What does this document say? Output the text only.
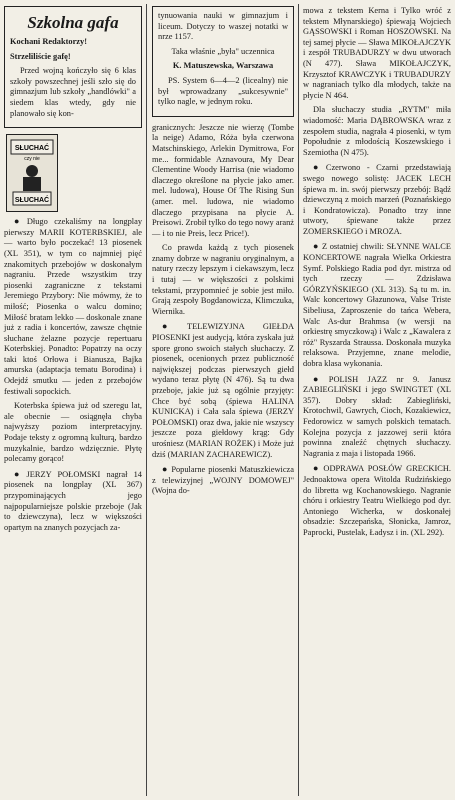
Szkolna gafa

Kochani Redaktorzy!

Strzeliliście gafę!

Przed wojną kończyło się 6 klas szkoły powszechnej jeśli szło się do gimnazjum lub szkoły „handlówki" a siedem klas wtedy, gdy nie planowało się kon-

SŁUCHAĆ
czy nie
SŁUCHAĆ

● Długo czekaliśmy na longplay pierwszy MARII KOTERBSKIEJ, ale — warto było poczekać! 13 piosenek (XL 351), w tym co najmniej pięć znakomitych przebojów w doskonałym nagraniu. Przede wszystkim trzy piosenki zagraniczne z tekstami Jeremiego Przybory: Nie mówmy, że to miłość; Piosenka o walcu domino; Miłość bratam lekko — doskonale znane już z radia i koncertów, zawsze chętnie słuchane żelazne pozycje repertuaru Koterbskiej. Ponadto: Popatrzy na oczy taki ktoś Orłowa i Bianusza, Bajka amurska (adaptacja tematu Borodina) i Odejdź smutku — jeden z przebojów festiwali sopockich.

Koterbska śpiewa już od szeregu lat, ale obecnie — osiągnęła chyba najwyższy poziom interpretacyjny. Podaje teksty z ogromną kulturą, bardzo muzykalnie, bardzo wdzięcznie. Płytę polecamy gorąco!

● JERZY POŁOMSKI nagrał 14 piosenek na longplay (XL 367) przypominających jego najpopularniejsze polskie przeboje (Jak to dziewczyna), lecz w większości opartym na znanych pozycjach za-

tynuowania nauki w gimnazjum i liceum. Dotyczy to waszej notatki w nrze 1157.

Taka właśnie „była" uczennica

K. Matuszewska, Warszawa

PS. System 6—4—2 (licealny) nie był wprowadzany „sukcesywnie" tylko nagle, w jednym roku.

granicznych: Jeszcze nie wierzę (Tombe la neige) Adamo, Róża była czerwona Matschinskiego, Arlekin Dymitrowa, For me... formidable Aznavoura, My Dear Clementine Woody Harrisa (nie wiadomo dlaczego określone na płycie jako amer. mel. ludowa), House Of The Rising Sun (amer. mel. ludowa, nie wiadomo dlaczego przypisana na płycie A. Preisowi. Zrobił tylko do tego nowy aranż — i to nie Preis, lecz Price!).

Co prawda każdą z tych piosenek znamy dobrze w nagraniu oryginalnym, a natury rzeczy lepszym i ciekawszym, lecz i tutaj — w większości z polskimi tekstami, przypomnieć je sobie jest miło. Grają zespoły Bogdanowicza, Klimczuka, Wiernika.

● TELEWIZYJNA GIEŁDA PIOSENKI jest audycją, która zyskała już spore grono swoich stałych słuchaczy. Z piosenek, ocenionych przez publiczność największej podczas pierwszych giełd wydano teraz płytę (N 476). Są tu dwa przeboje, jakie już są ogólnie przyjęty: Chce być sobą (śpiewa HALINA KUNICKA) i Cała sala śpiewa (JERZY POŁOMSKI) oraz dwa, jakie nie wszyscy jeszcze poza giełdowy krąg: Gdy urośniesz (MARIAN ROŻEK) i Może już dziś (MARIAN ZACHAREWICZ).

● Popularne piosenki Matuszkiewicza z telewizyjnej „WOJNY DOMOWEJ" (Wojna do-

mowa z tekstem Kerna i Tylko wróć z tekstem Młynarskiego) śpiewają Wojciech GĄSSOWSKI i Roman HOSZOWSKI. Na tej samej płycie — Sława MIKOŁAJCZYK i zespół TRUBADURZY w dwu utworach (N 477). Sława MIKOŁAJCZYK, Krzysztof KRAWCZYK i TRUBADURZY w nagraniach tylko dla młodych, także na płycie N 464.

Dla słuchaczy studia „RYTM" miła wiadomość: Maria DĄBROWSKA wraz z zespołem studia, nagrała 4 piosenki, w tym Popołudnie z młodością Koszewskiego i Szemiotha (N 475).

● Czerwono - Czarni przedstawiają swego nowego solistę: JACEK LECH śpiewa m. in. swój pierwszy przebój: Bądź dziewczyną z moich marzeń (Poznańskiego i Kondratowicza). Ponadto trzy inne utwory, śpiewane także przez ZOMERSKIEGO i MROZA.

● Z ostatniej chwili: SŁYNNE WALCE KONCERTOWE nagrała Wielka Orkiestra Symf. Polskiego Radia pod dyr. mistrza od tych rzeczy — Zdzisława GÓRZYŃSKIEGO (XL 313). Są tu m. in. Walc koncertowy Głazunowa, Valse Triste Sibeliusa, Zaproszenie do tańca Webera, Walc As-dur Brahmsa (w wersji na orkiestrę smyczkową) i Walc z „Kawalera z róż" Ryszarda Straussa. Doskonała muzyka relaksowa. Przyjemne, znane melodie, dobra klasa wykonania.

● POLISH JAZZ nr 9. Janusz ZABIEGLIŃSKI i jego SWINGTET (XL 357). Dobry skład: Zabiegliński, Krotochwil, Gawrych, Cioch, Kozakiewicz, Fedorowicz w samych polskich tematach. Kolejna pozycja z jazzowej serii która powinna znaleźć chętnych słuchaczy. Nagrania z maja i listopada 1966.

● ODPRAWA POSŁÓW GRECKICH. Jednoaktowa opera Witolda Rudzińskiego do libretta wg Kochanowskiego. Nagranie chóru i orkiestry Teatru Wielkiego pod dyr. Antoniego Wicherka, w doskonałej obsadzie: Szczepańska, Słonicka, Jamroz, Paprocki, Pustelak, Ładysz i in. (XL 292).
